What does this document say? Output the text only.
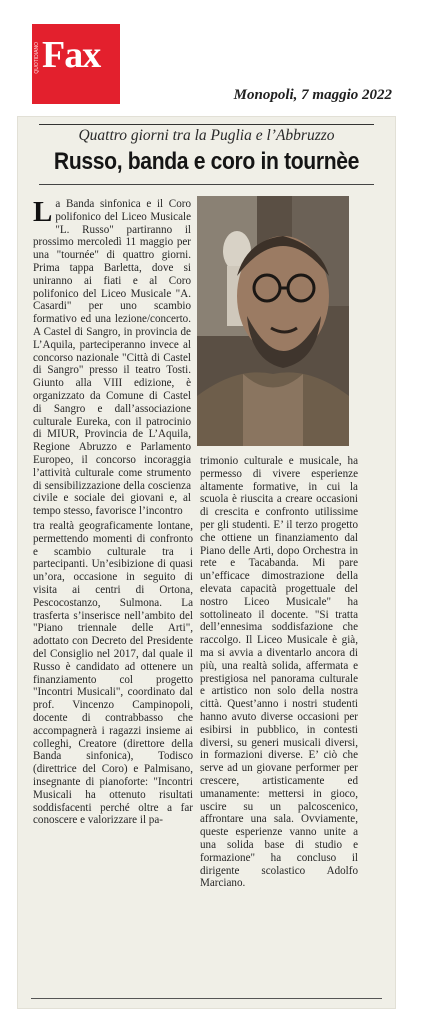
QUOTIDIANO Fax
Monopoli, 7 maggio 2022
Quattro giorni tra la Puglia e l’Abbruzzo
Russo, banda e coro in tournèe

L a Banda sinfonica e il Coro polifonico del Liceo Musicale "L. Russo" partiranno il prossimo mercoledì 11 maggio per una "tournée" di quattro giorni. Prima tappa Barletta, dove si uniranno ai fiati e al Coro polifonico del Liceo Musicale "A. Casardi" per uno scambio formativo ed una lezione/concerto. A Castel di Sangro, in provincia de L’Aquila, parteciperanno invece al concorso nazionale "Città di Castel di Sangro" presso il teatro Tosti. Giunto alla VIII edizione, è organizzato da Comune di Castel di Sangro e dall’associazione culturale Eureka, con il patrocinio di MIUR, Provincia de L’Aquila, Regione Abruzzo e Parlamento Europeo, il concorso incoraggia l’attività culturale come strumento di sensibilizzazione della coscienza civile e sociale dei giovani e, al tempo stesso, favorisce l’incontro

tra realtà geograficamente lontane, permettendo momenti di confronto e scambio culturale tra i partecipanti. Un’esibizione di quasi un’ora, occasione in seguito di visita ai centri di Ortona, Pescocostanzo, Sulmona. La trasferta s’inserisce nell’ambito del "Piano triennale delle Arti", adottato con Decreto del Presidente del Consiglio nel 2017, dal quale il Russo è candidato ad ottenere un finanziamento col progetto "Incontri Musicali", coordinato dal prof. Vincenzo Campinopoli, docente di contrabbasso che accompagnerà i ragazzi insieme ai colleghi, Creatore (direttore della Banda sinfonica), Todisco (direttrice del Coro) e Palmisano, insegnante di pianoforte: "Incontri Musicali ha ottenuto risultati soddisfacenti perché oltre a far conoscere e valorizzare il pa-

trimonio culturale e musicale, ha permesso di vivere esperienze altamente formative, in cui la scuola è riuscita a creare occasioni di crescita e confronto utilissime per gli studenti. E’ il terzo progetto che ottiene un finanziamento dal Piano delle Arti, dopo Orchestra in rete e Tacabanda. Mi pare un’efficace dimostrazione della elevata capacità progettuale del nostro Liceo Musicale" ha sottolineato il docente. "Si tratta dell’ennesima soddisfazione che raccolgo. Il Liceo Musicale è già, ma si avvia a diventarlo ancora di più, una realtà solida, affermata e prestigiosa nel panorama culturale e artistico non solo della nostra città. Quest’anno i nostri studenti hanno avuto diverse occasioni per esibirsi in pubblico, in contesti diversi, su generi musicali diversi, in formazioni diverse. E’ ciò che serve ad un giovane performer per crescere, artisticamente ed umanamente: mettersi in gioco, uscire su un palcoscenico, affrontare una sala. Ovviamente, queste esperienze vanno unite a una solida base di studio e formazione" ha concluso il dirigente scolastico Adolfo Marciano.
